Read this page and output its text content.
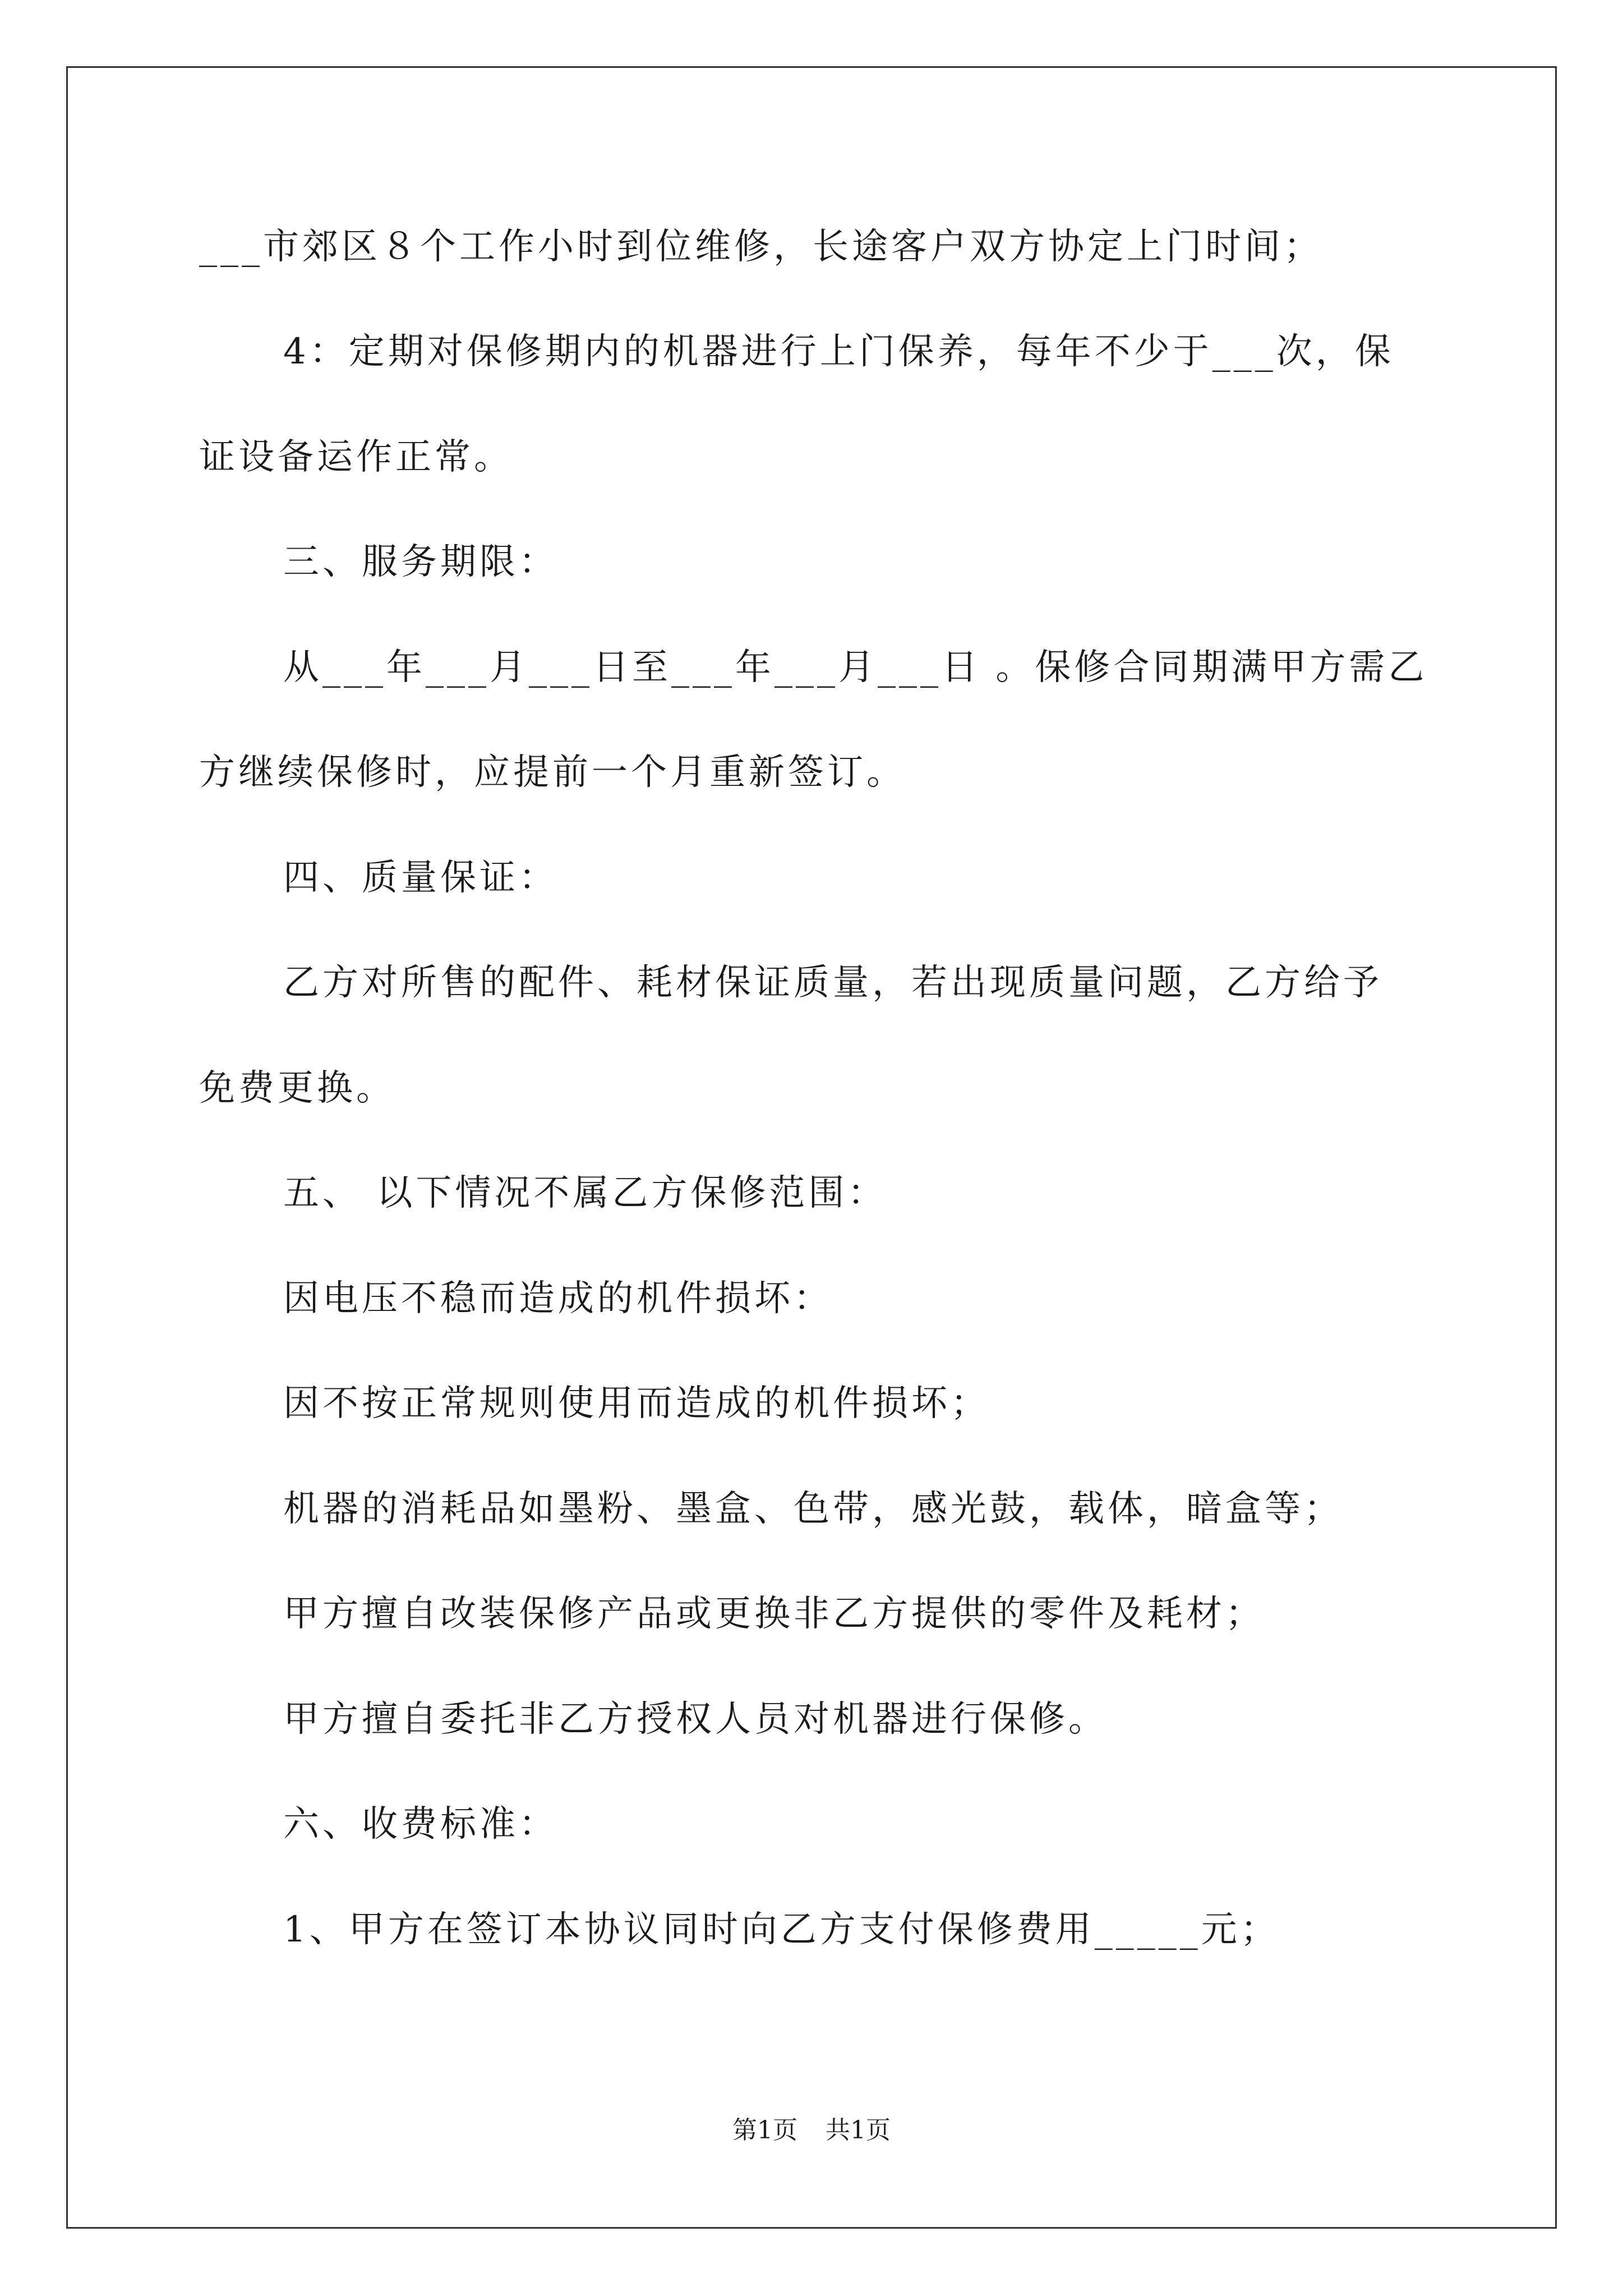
___市郊区８个工作小时到位维修，长途客户双方协定上门时间；
4：定期对保修期内的机器进行上门保养，每年不少于___次，保
证设备运作正常。
三、服务期限：
从___年___月___日至___年___月___日 。保修合同期满甲方需乙
方继续保修时，应提前一个月重新签订。
四、质量保证：
乙方对所售的配件、耗材保证质量，若出现质量问题，乙方给予
免费更换。
五、 以下情况不属乙方保修范围：
因电压不稳而造成的机件损坏：
因不按正常规则使用而造成的机件损坏；
机器的消耗品如墨粉、墨盒、色带，感光鼓，载体，暗盒等；
甲方擅自改装保修产品或更换非乙方提供的零件及耗材；
甲方擅自委托非乙方授权人员对机器进行保修。
六、收费标准：
1、甲方在签订本协议同时向乙方支付保修费用_____元；
第1页 共1页
